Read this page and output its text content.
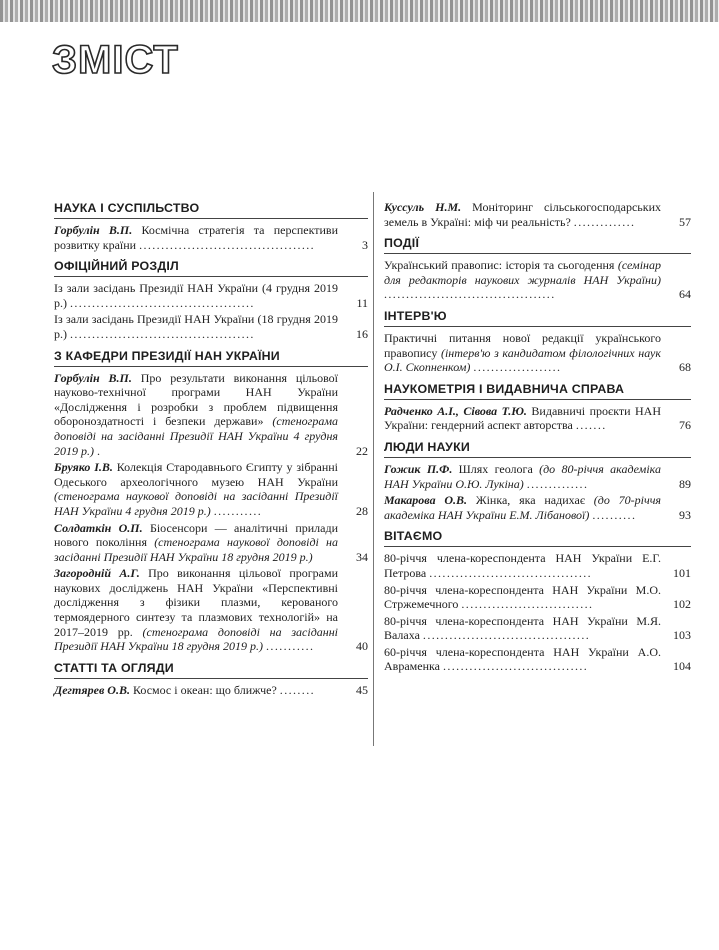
ЗМІСТ
НАУКА І СУСПІЛЬСТВО
Горбулін В.П. Космічна стратегія та перспективи розвитку країни ........................................	3
ОФІЦІЙНИЙ РОЗДІЛ
Із зали засідань Президії НАН України (4 грудня 2019 р.) ..........................................	11
Із зали засідань Президії НАН України (18 грудня 2019 р.) ..........................................	16
З КАФЕДРИ ПРЕЗИДІЇ НАН УКРАЇНИ
Горбулін В.П. Про результати виконання цільової науково-технічної програми НАН України «Дослідження і розробки з проблем підвищення обороноздатності і безпеки держави» (стенограма доповіді на засіданні Президії НАН України 4 грудня 2019 р.) .	22
Бруяко І.В. Колекція Стародавнього Єгипту у зібранні Одеського археологічного музею НАН України (стенограма наукової доповіді на засіданні Президії НАН України 4 грудня 2019 р.) ...........	28
Солдаткін О.П. Біосенсори — аналітичні прилади нового покоління (стенограма наукової доповіді на засіданні Президії НАН України 18 грудня 2019 р.)	34
Загородній А.Г. Про виконання цільової програми наукових досліджень НАН України «Перспективні дослідження з фізики плазми, керованого термоядерного синтезу та плазмових технологій» на 2017–2019 рр. (стенограма доповіді на засіданні Президії НАН України 18 грудня 2019 р.) ...........	40
СТАТТІ ТА ОГЛЯДИ
Дегтярев О.В. Космос і океан: що ближче? ........	45
Куссуль Н.М. Моніторинг сільськогосподарських земель в Україні: міф чи реальність? ..............	57
ПОДІЇ
Український правопис: історія та сьогодення (семінар для редакторів наукових журналів НАН України) .......................................	64
ІНТЕРВ'Ю
Практичні питання нової редакції українського правопису (інтерв'ю з кандидатом філологічних наук О.І. Скопненком) ....................	68
НАУКОМЕТРІЯ І ВИДАВНИЧА СПРАВА
Радченко А.І., Сівова Т.Ю. Видавничі проєкти НАН України: гендерний аспект авторства .......	76
ЛЮДИ НАУКИ
Гожик П.Ф. Шлях геолога (до 80-річчя академіка НАН України О.Ю. Лукіна) ..............	89
Макарова О.В. Жінка, яка надихає (до 70-річчя академіка НАН України Е.М. Лібанової) ..........	93
ВІТАЄМО
80-річчя члена-кореспондента НАН України Е.Г. Петрова .....................................	101
80-річчя члена-кореспондента НАН України М.О. Стржемечного ..............................	102
80-річчя члена-кореспондента НАН України М.Я. Валаха ......................................	103
60-річчя члена-кореспондента НАН України А.О. Авраменка .................................	104
